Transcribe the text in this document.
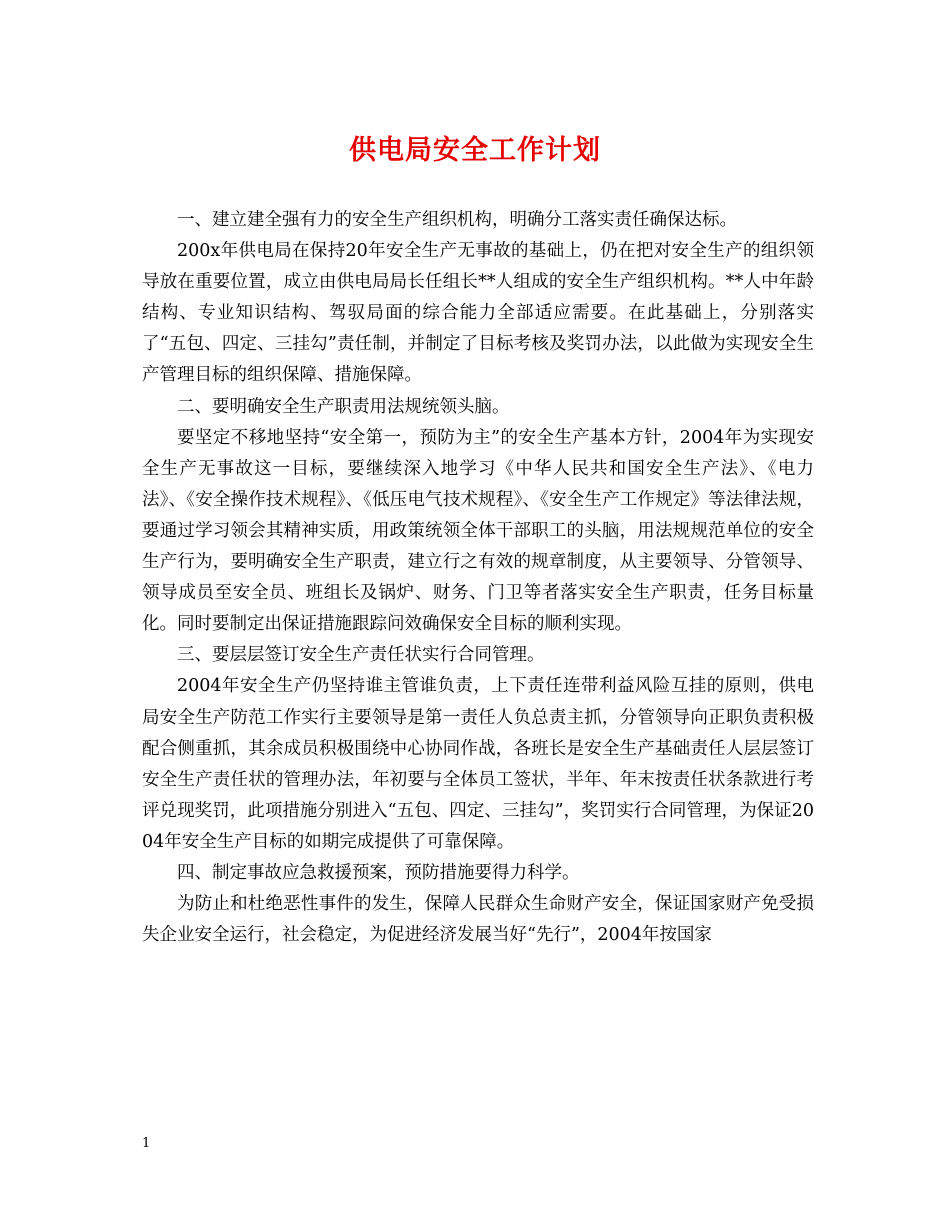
供电局安全工作计划

一、建立建全强有力的安全生产组织机构，明确分工落实责任确保达标。

200x年供电局在保持20年安全生产无事故的基础上，仍在把对安全生产的组织领导放在重要位置，成立由供电局局长任组长**人组成的安全生产组织机构。**人中年龄结构、专业知识结构、驾驭局面的综合能力全部适应需要。在此基础上，分别落实了“五包、四定、三挂勾”责任制，并制定了目标考核及奖罚办法，以此做为实现安全生产管理目标的组织保障、措施保障。

二、要明确安全生产职责用法规统领头脑。

要坚定不移地坚持“安全第一，预防为主”的安全生产基本方针，2004年为实现安全生产无事故这一目标，要继续深入地学习《中华人民共和国安全生产法》、《电力法》、《安全操作技术规程》、《低压电气技术规程》、《安全生产工作规定》等法律法规，要通过学习领会其精神实质，用政策统领全体干部职工的头脑，用法规规范单位的安全生产行为，要明确安全生产职责，建立行之有效的规章制度，从主要领导、分管领导、领导成员至安全员、班组长及锅炉、财务、门卫等者落实安全生产职责，任务目标量化。同时要制定出保证措施跟踪问效确保安全目标的顺利实现。

三、要层层签订安全生产责任状实行合同管理。

2004年安全生产仍坚持谁主管谁负责，上下责任连带利益风险互挂的原则，供电局安全生产防范工作实行主要领导是第一责任人负总责主抓，分管领导向正职负责积极配合侧重抓，其余成员积极围绕中心协同作战，各班长是安全生产基础责任人层层签订安全生产责任状的管理办法，年初要与全体员工签状，半年、年末按责任状条款进行考评兑现奖罚，此项措施分别进入“五包、四定、三挂勾”，奖罚实行合同管理，为保证2004年安全生产目标的如期完成提供了可靠保障。

四、制定事故应急救援预案，预防措施要得力科学。

为防止和杜绝恶性事件的发生，保障人民群众生命财产安全，保证国家财产免受损失企业安全运行，社会稳定，为促进经济发展当好“先行”，2004年按国家

1
